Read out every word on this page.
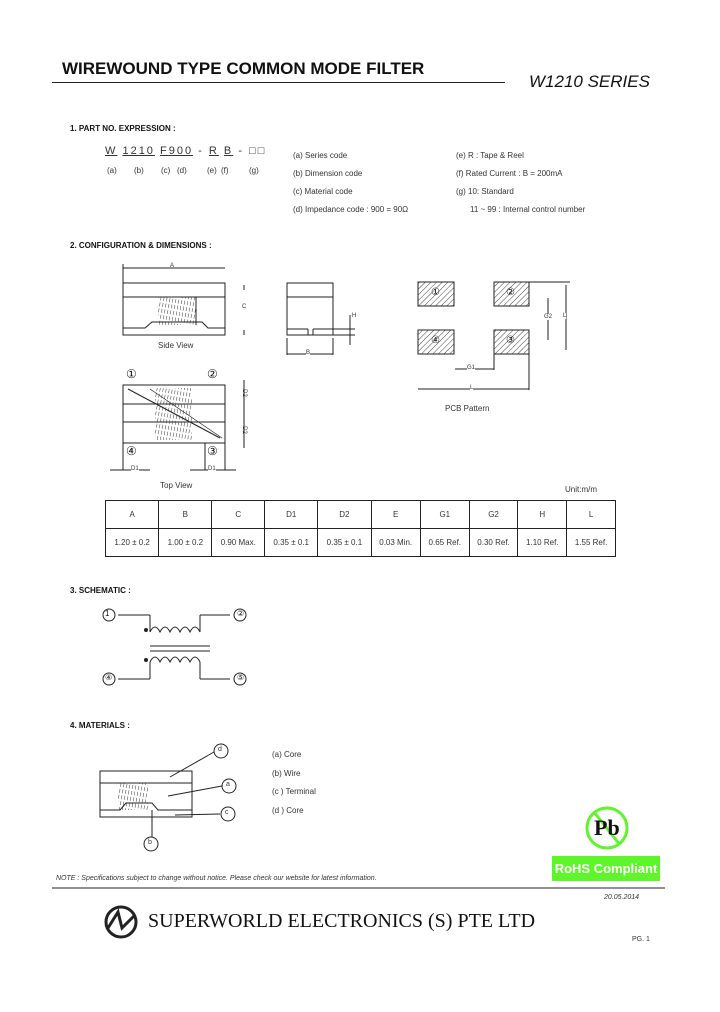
WIREWOUND TYPE COMMON MODE FILTER
W1210 SERIES
1. PART NO. EXPRESSION :
W 1210 F900 - R B - □□
(a) (b) (c) (d)	(e) (f)	(g)
(a) Series code
(b) Dimension code
(c) Material code
(d) Impedance code : 900 = 90Ω
(e) R : Tape & Reel
(f) Rated Current : B = 200mA
(g) 10: Standard
11 ~ 99 : Internal control number
2. CONFIGURATION & DIMENSIONS :
A
C
H
B
Side View
①	②
④	③
D2
D2
D1	D1
Top View
①	②
④	③
G2 L
G1
L
PCB Pattern
Unit:m/m
A	B	C	D1	D2	E	G1	G2	H	L
1.20 ± 0.2	1.00 ± 0.2	0.90 Max.	0.35 ± 0.1	0.35 ± 0.1	0.03 Min.	0.65 Ref.	0.30 Ref.	1.10 Ref.	1.55 Ref.
3. SCHEMATIC :
1	②
④	⑤
4. MATERIALS :
d
a
c
b
(a) Core
(b) Wire
(c ) Terminal
(d ) Core
Pb
RoHS Compliant
NOTE : Specifications subject to change without notice. Please check our website for latest information.
20.05.2014
SUPERWORLD ELECTRONICS (S) PTE LTD
PG. 1
